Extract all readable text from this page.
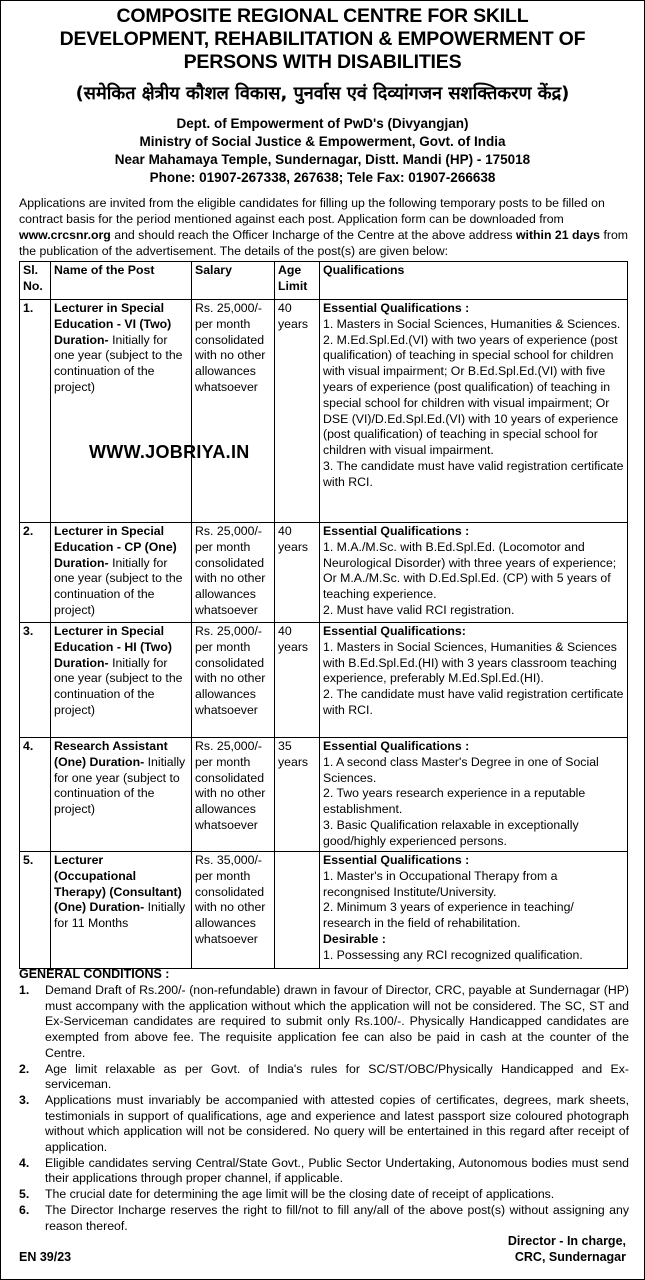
COMPOSITE REGIONAL CENTRE FOR SKILL
DEVELOPMENT, REHABILITATION & EMPOWERMENT OF
PERSONS WITH DISABILITIES
(समेकित क्षेत्रीय कौशल विकास, पुनर्वास एवं दिव्यांगजन सशक्तिकरण केंद्र)
Dept. of Empowerment of PwD's (Divyangjan)
Ministry of Social Justice & Empowerment, Govt. of India
Near Mahamaya Temple, Sundernagar, Distt. Mandi (HP) - 175018
Phone: 01907-267338, 267638; Tele Fax: 01907-266638
Applications are invited from the eligible candidates for filling up the following temporary posts to be filled on contract basis for the period mentioned against each post. Application form can be downloaded from www.crcsnr.org and should reach the Officer Incharge of the Centre at the above address within 21 days from the publication of the advertisement. The details of the post(s) are given below:
Sl. No.	Name of the Post	Salary	Age Limit	Qualifications
1.	Lecturer in Special Education - VI (Two) Duration- Initially for one year (subject to the continuation of the project)	Rs. 25,000/- per month consolidated with no other allowances whatsoever	40 years	Essential Qualifications :
1. Masters in Social Sciences, Humanities & Sciences.
2. M.Ed.Spl.Ed.(VI) with two years of experience (post qualification) of teaching in special school for children with visual impairment; Or B.Ed.Spl.Ed.(VI) with five years of experience (post qualification) of teaching in special school for children with visual impairment; Or DSE (VI)/D.Ed.Spl.Ed.(VI) with 10 years of experience (post qualification) of teaching in special school for children with visual impairment.
3. The candidate must have valid registration certificate with RCI.

2.	Lecturer in Special Education - CP (One) Duration- Initially for one year (subject to the continuation of the project)	Rs. 25,000/- per month consolidated with no other allowances whatsoever	40 years	Essential Qualifications :
1. M.A./M.Sc. with B.Ed.Spl.Ed. (Locomotor and Neurological Disorder) with three years of experience; Or M.A./M.Sc. with D.Ed.Spl.Ed. (CP) with 5 years of teaching experience.
2. Must have valid RCI registration.

3.	Lecturer in Special Education - HI (Two) Duration- Initially for one year (subject to the continuation of the project)	Rs. 25,000/- per month consolidated with no other allowances whatsoever	40 years	Essential Qualifications:
1. Masters in Social Sciences, Humanities & Sciences with B.Ed.Spl.Ed.(HI) with 3 years classroom teaching experience, preferably M.Ed.Spl.Ed.(HI).
2. The candidate must have valid registration certificate with RCI.

4.	Research Assistant (One) Duration- Initially for one year (subject to continuation of the project)	Rs. 25,000/- per month consolidated with no other allowances whatsoever	35 years	Essential Qualifications :
1. A second class Master's Degree in one of Social Sciences.
2. Two years research experience in a reputable establishment.
3. Basic Qualification relaxable in exceptionally good/highly experienced persons.

5.	Lecturer (Occupational Therapy) (Consultant) (One) Duration- Initially for 11 Months	Rs. 35,000/- per month consolidated with no other allowances whatsoever		Essential Qualifications :
1. Master's in Occupational Therapy from a recongnised Institute/University.
2. Minimum 3 years of experience in teaching/ research in the field of rehabilitation.
Desirable :
1. Possessing any RCI recognized qualification.
WWW.JOBRIYA.IN
GENERAL CONDITIONS :
1.	Demand Draft of Rs.200/- (non-refundable) drawn in favour of Director, CRC, payable at Sundernagar (HP) must accompany with the application without which the application will not be considered. The SC, ST and Ex-Serviceman candidates are required to submit only Rs.100/-. Physically Handicapped candidates are exempted from above fee. The requisite application fee can also be paid in cash at the counter of the Centre.
2.	Age limit relaxable as per Govt. of India's rules for SC/ST/OBC/Physically Handicapped and Ex-serviceman.
3.	Applications must invariably be accompanied with attested copies of certificates, degrees, mark sheets, testimonials in support of qualifications, age and experience and latest passport size coloured photograph without which application will not be considered. No query will be entertained in this regard after receipt of application.
4.	Eligible candidates serving Central/State Govt., Public Sector Undertaking, Autonomous bodies must send their applications through proper channel, if applicable.
5.	The crucial date for determining the age limit will be the closing date of receipt of applications.
6.	The Director Incharge reserves the right to fill/not to fill any/all of the above post(s) without assigning any reason thereof.
EN 39/23
Director - In charge,
CRC, Sundernagar
